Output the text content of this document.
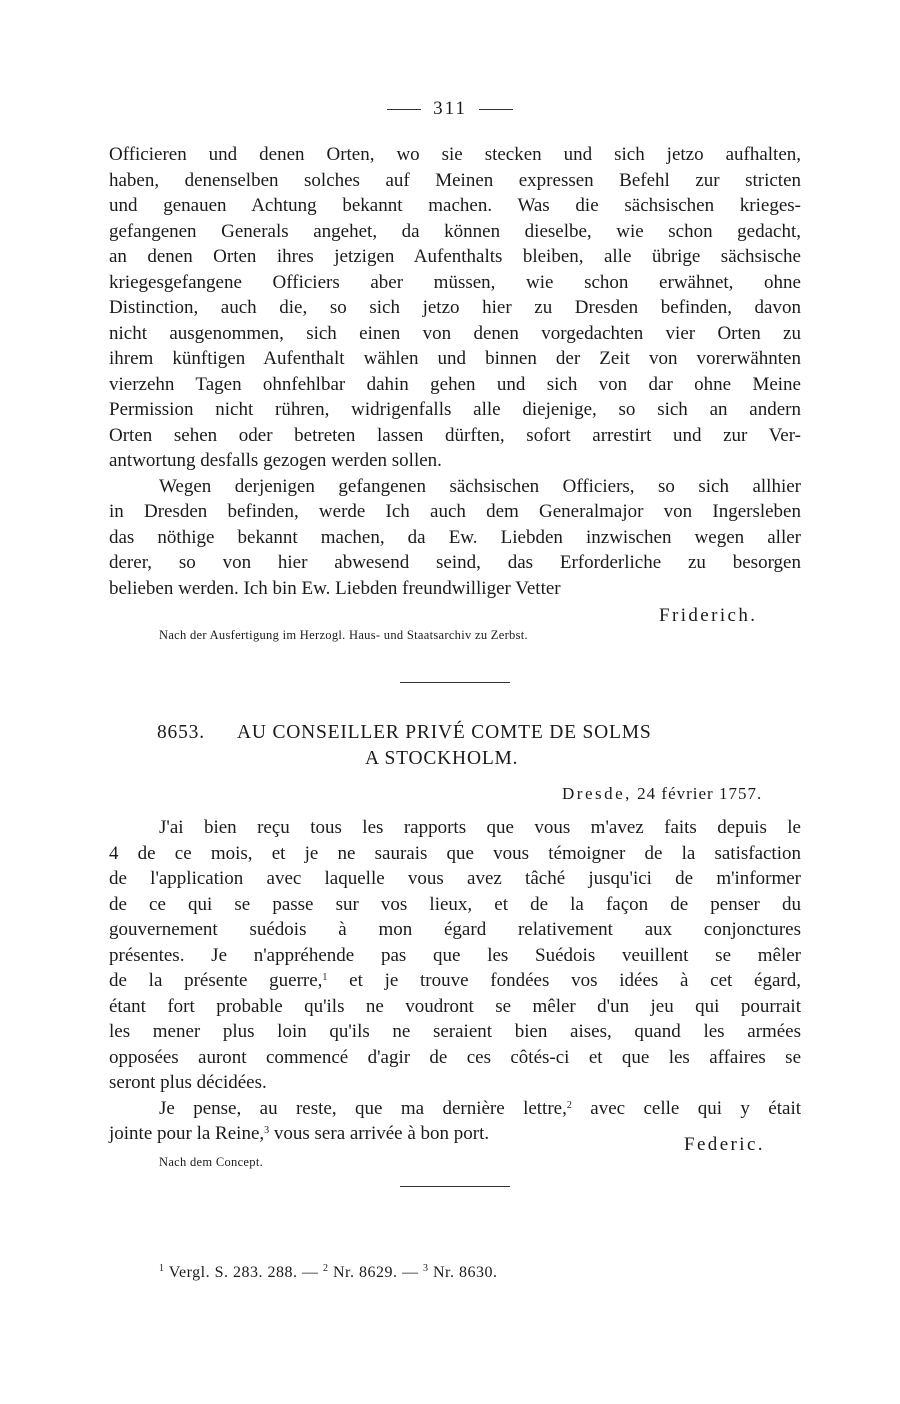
311
Officieren und denen Orten, wo sie stecken und sich jetzo aufhalten,
haben, denenselben solches auf Meinen expressen Befehl zur stricten
und genauen Achtung bekannt machen. Was die sächsischen krieges-
gefangenen Generals angehet, da können dieselbe, wie schon gedacht,
an denen Orten ihres jetzigen Aufenthalts bleiben, alle übrige sächsische
kriegesgefangene Officiers aber müssen, wie schon erwähnet, ohne
Distinction, auch die, so sich jetzo hier zu Dresden befinden, davon
nicht ausgenommen, sich einen von denen vorgedachten vier Orten zu
ihrem künftigen Aufenthalt wählen und binnen der Zeit von vorerwähnten
vierzehn Tagen ohnfehlbar dahin gehen und sich von dar ohne Meine
Permission nicht rühren, widrigenfalls alle diejenige, so sich an andern
Orten sehen oder betreten lassen dürften, sofort arrestirt und zur Ver-
antwortung desfalls gezogen werden sollen.
Wegen derjenigen gefangenen sächsischen Officiers, so sich allhier
in Dresden befinden, werde Ich auch dem Generalmajor von Ingersleben
das nöthige bekannt machen, da Ew. Liebden inzwischen wegen aller
derer, so von hier abwesend seind, das Erforderliche zu besorgen
belieben werden. Ich bin Ew. Liebden freundwilliger Vetter
Friderich.
Nach der Ausfertigung im Herzogl. Haus- und Staatsarchiv zu Zerbst.
8653. AU CONSEILLER PRIVÉ COMTE DE SOLMS
A STOCKHOLM.
Dresde, 24 février 1757.
J'ai bien reçu tous les rapports que vous m'avez faits depuis le
4 de ce mois, et je ne saurais que vous témoigner de la satisfaction
de l'application avec laquelle vous avez tâché jusqu'ici de m'informer
de ce qui se passe sur vos lieux, et de la façon de penser du
gouvernement suédois à mon égard relativement aux conjonctures
présentes. Je n'appréhende pas que les Suédois veuillent se mêler
de la présente guerre,$^1$ et je trouve fondées vos idées à cet égard,
étant fort probable qu'ils ne voudront se mêler d'un jeu qui pourrait
les mener plus loin qu'ils ne seraient bien aises, quand les armées
opposées auront commencé d'agir de ces côtés-ci et que les affaires se
seront plus décidées.
Je pense, au reste, que ma dernière lettre,$^2$ avec celle qui y était
jointe pour la Reine,$^3$ vous sera arrivée à bon port.
Federic.
Nach dem Concept.
$^1$ Vergl. S. 283. 288. — $^2$ Nr. 8629. — $^3$ Nr. 8630.
